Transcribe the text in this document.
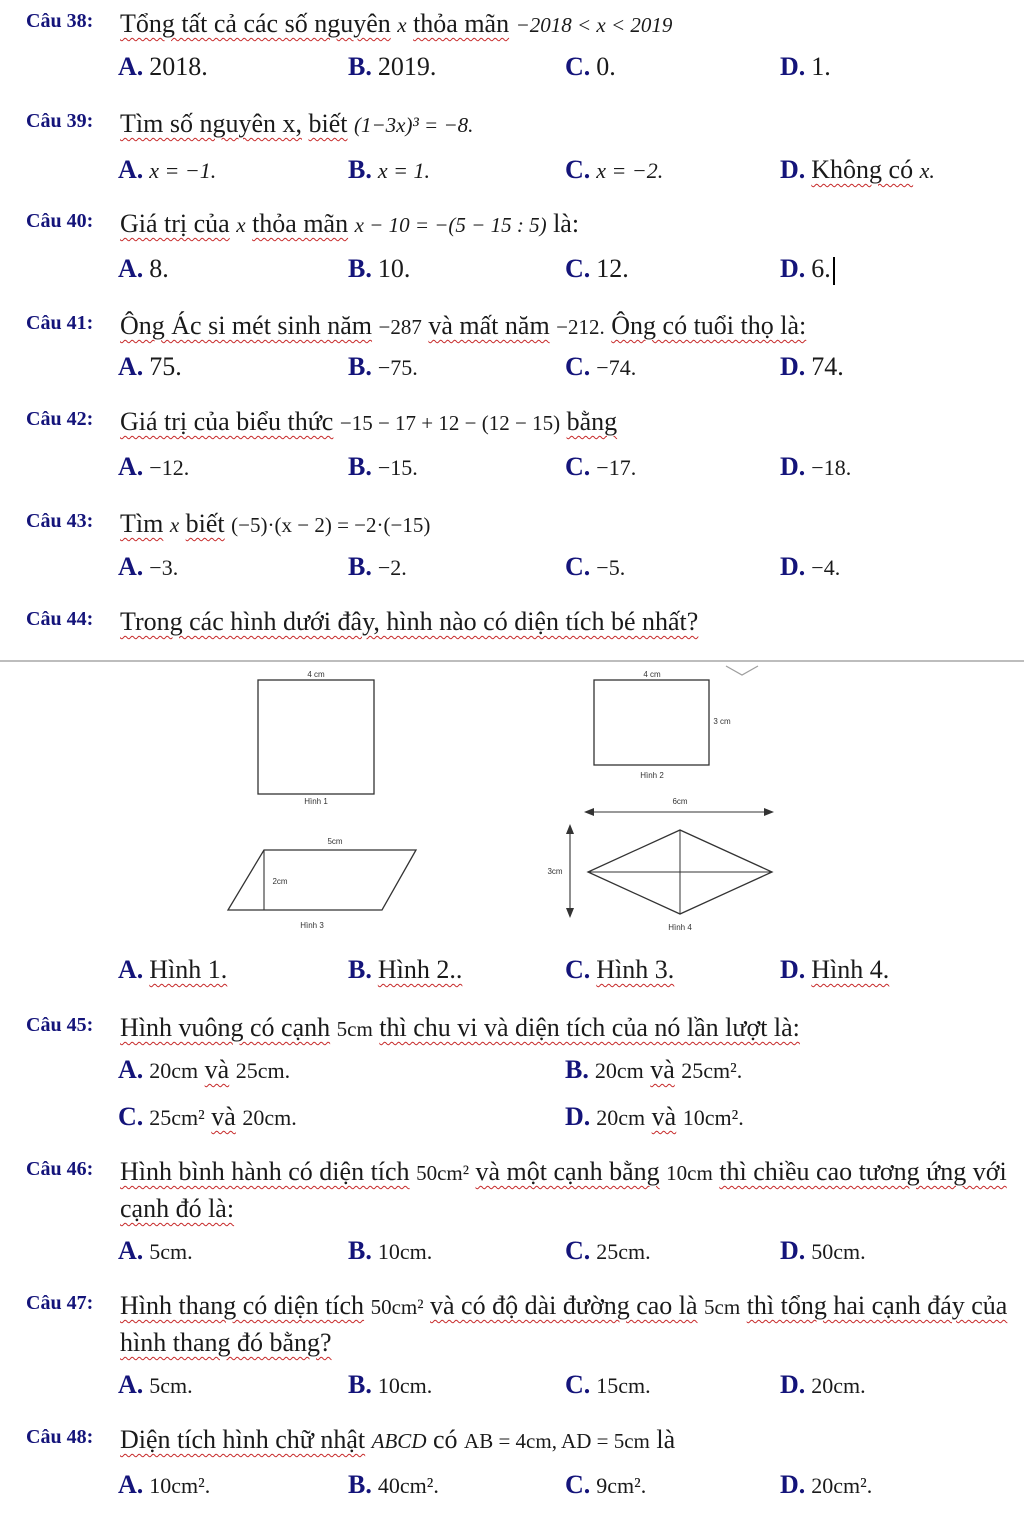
Câu 38: Tổng tất cả các số nguyên x thỏa mãn −2018 < x < 2019
A. 2018.	B. 2019.	C. 0.	D. 1.
Câu 39: Tìm số nguyên x, biết (1−3x)³ = −8.
A. x = −1.	B. x = 1.	C. x = −2.	D. Không có x.
Câu 40: Giá trị của x thỏa mãn x − 10 = −(5 − 15 : 5) là:
A. 8.	B. 10.	C. 12.	D. 6.
Câu 41: Ông Ác si mét sinh năm −287 và mất năm −212. Ông có tuổi thọ là:
A. 75.	B. −75.	C. −74.	D. 74.
Câu 42: Giá trị của biểu thức −15 − 17 + 12 − (12 − 15) bằng
A. −12.	B. −15.	C. −17.	D. −18.
Câu 43: Tìm x biết (−5)·(x − 2) = −2·(−15)
A. −3.	B. −2.	C. −5.	D. −4.
Câu 44: Trong các hình dưới đây, hình nào có diện tích bé nhất?
4 cm
Hình 1
4 cm
3 cm
Hình 2
5cm
2cm
Hình 3
6cm
3cm
Hình 4
A. Hình 1.	B. Hình 2..	C. Hình 3.	D. Hình 4.
Câu 45: Hình vuông có cạnh 5cm thì chu vi và diện tích của nó lần lượt là:
A. 20cm và 25cm.	B. 20cm và 25cm².
C. 25cm² và 20cm.	D. 20cm và 10cm².
Câu 46: Hình bình hành có diện tích 50cm² và một cạnh bằng 10cm thì chiều cao tương ứng với cạnh đó là:
A. 5cm.	B. 10cm.	C. 25cm.	D. 50cm.
Câu 47: Hình thang có diện tích 50cm² và có độ dài đường cao là 5cm thì tổng hai cạnh đáy của hình thang đó bằng?
A. 5cm.	B. 10cm.	C. 15cm.	D. 20cm.
Câu 48: Diện tích hình chữ nhật ABCD có AB = 4cm, AD = 5cm là
A. 10cm².	B. 40cm².	C. 9cm².	D. 20cm².
